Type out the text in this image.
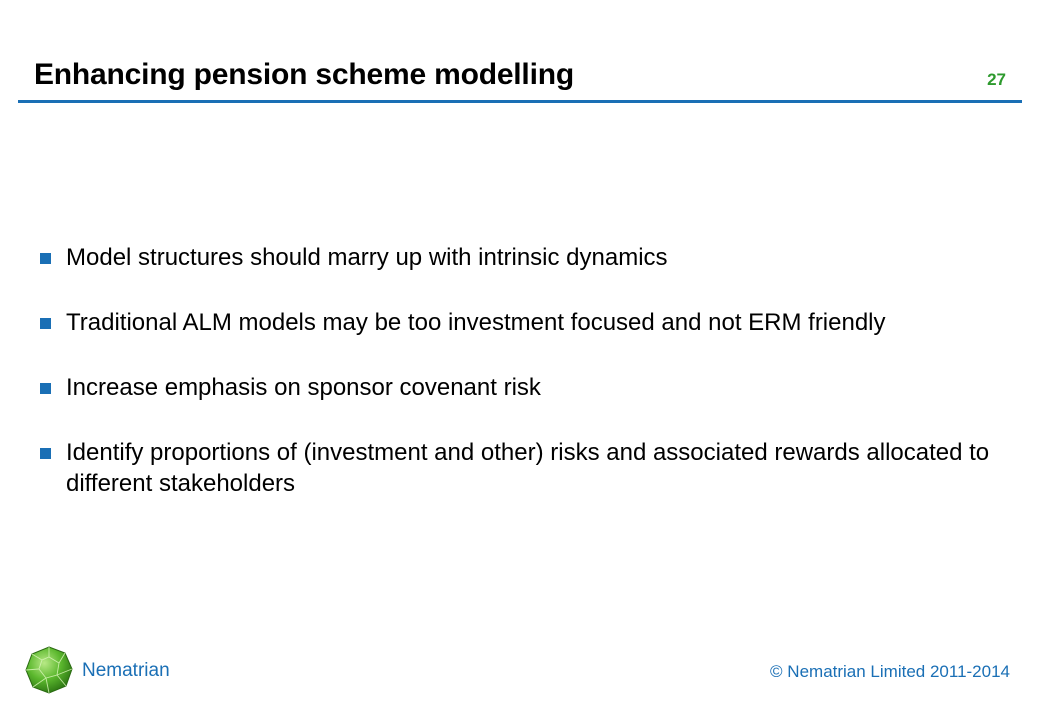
Enhancing pension scheme modelling	27
Model structures should marry up with intrinsic dynamics
Traditional ALM models may be too investment focused and not ERM friendly
Increase emphasis on sponsor covenant risk
Identify proportions of (investment and other) risks and associated rewards allocated to different stakeholders
Nematrian	© Nematrian Limited 2011-2014
